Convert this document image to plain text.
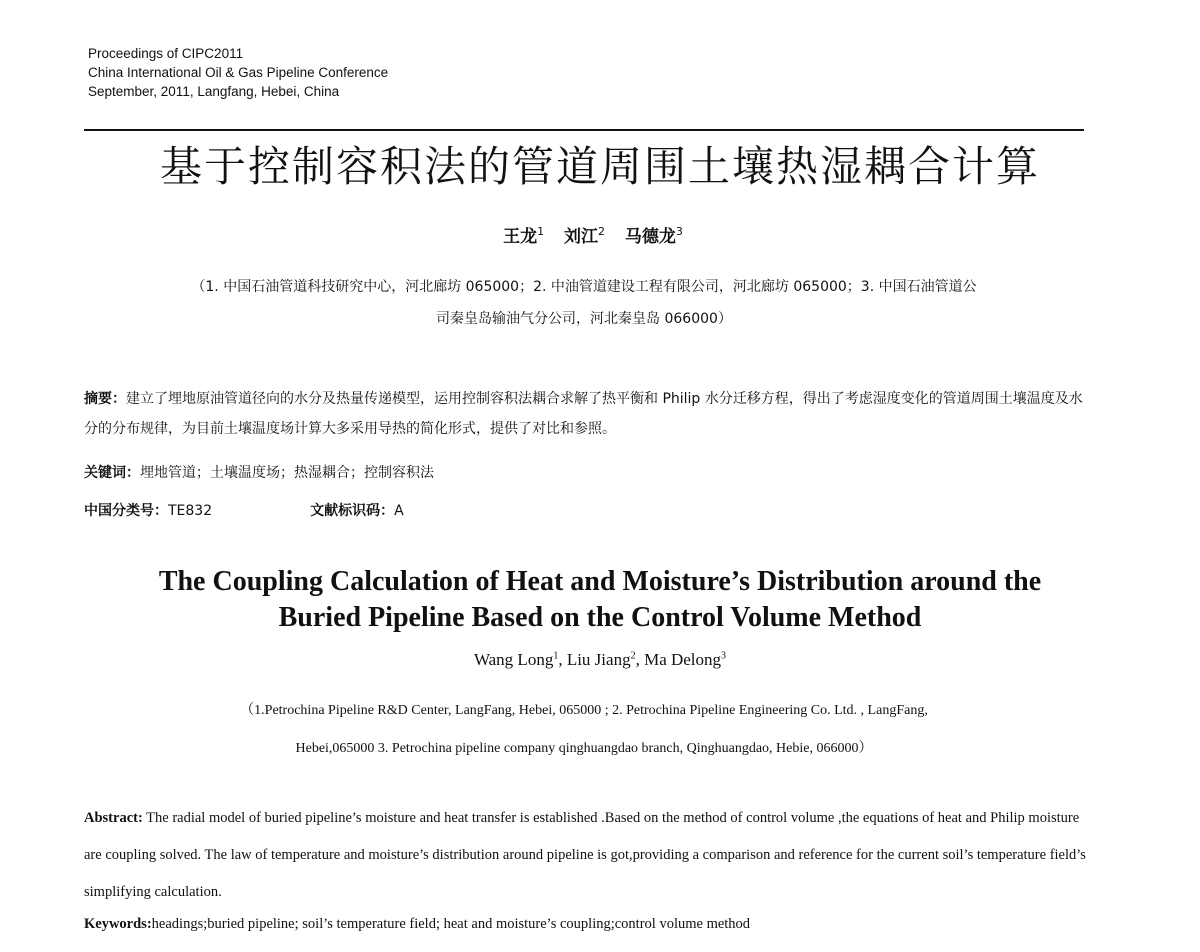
Proceedings of CIPC2011
China International Oil & Gas Pipeline Conference
September, 2011, Langfang, Hebei, China
基于控制容积法的管道周围土壤热湿耦合计算
王龙$^1$ 刘江$^2$ 马德龙$^3$
（1. 中国石油管道科技研究中心，河北廊坊 065000；2. 中油管道建设工程有限公司，河北廊坊 065000；3. 中国石油管道公
司秦皇岛输油气分公司，河北秦皇岛 066000）
摘要：建立了埋地原油管道径向的水分及热量传递模型，运用控制容积法耦合求解了热平衡和 Philip 水分迁移方程，得出了考虑湿度变化的管道周围土壤温度及水分的分布规律，为目前土壤温度场计算大多采用导热的简化形式，提供了对比和参照。
关键词：埋地管道；土壤温度场；热湿耦合；控制容积法
中国分类号：TE832	文献标识码：A
The Coupling Calculation of Heat and Moisture’s Distribution around the
Buried Pipeline Based on the Control Volume Method
Wang Long$^1$, Liu Jiang$^2$, Ma Delong$^3$
（1.Petrochina Pipeline R&D Center, LangFang, Hebei, 065000 ; 2. Petrochina Pipeline Engineering Co. Ltd. , LangFang,
Hebei,065000 3. Petrochina pipeline company qinghuangdao branch, Qinghuangdao, Hebie, 066000）
Abstract: The radial model of buried pipeline’s moisture and heat transfer is established .Based on the method of control volume ,the equations of heat and Philip moisture are coupling solved. The law of temperature and moisture’s distribution around pipeline is got,providing a comparison and reference for the current soil’s temperature field’s simplifying calculation.
Keywords:headings;buried pipeline; soil’s temperature field; heat and moisture’s coupling;control volume method
